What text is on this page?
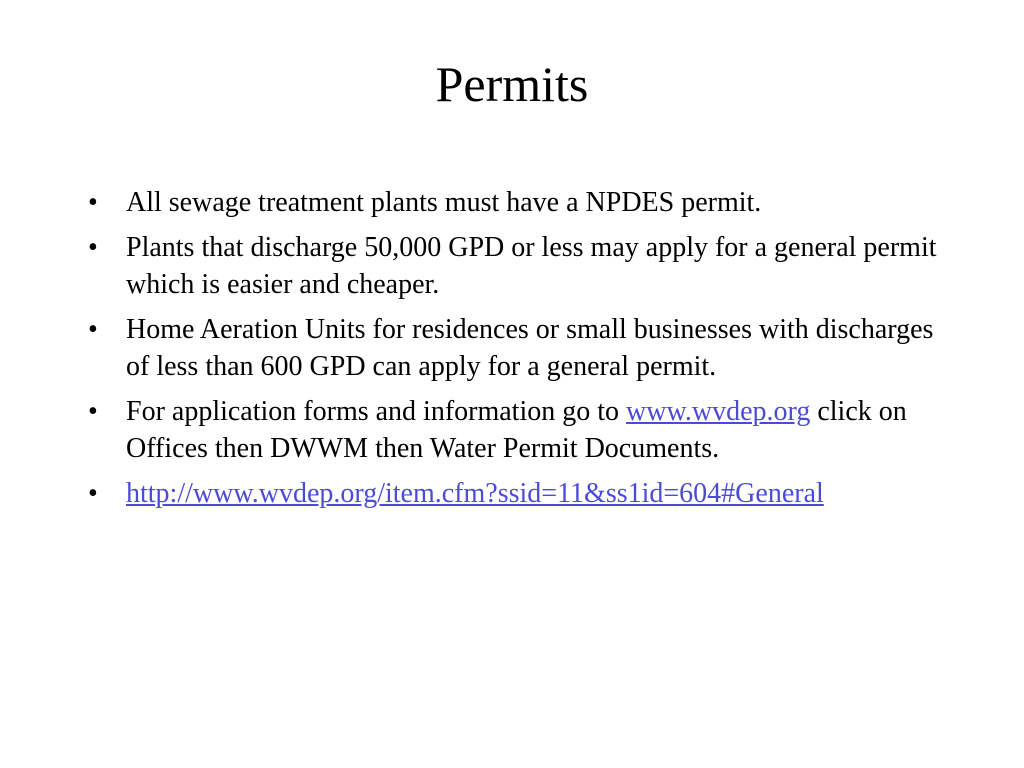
Permits
• All sewage treatment plants must have a NPDES permit.
• Plants that discharge 50,000 GPD or less may apply for a general permit which is easier and cheaper.
• Home Aeration Units for residences or small businesses with discharges of less than 600 GPD can apply for a general permit.
• For application forms and information go to www.wvdep.org click on Offices then DWWM then Water Permit Documents.
• http://www.wvdep.org/item.cfm?ssid=11&ss1id=604#General
